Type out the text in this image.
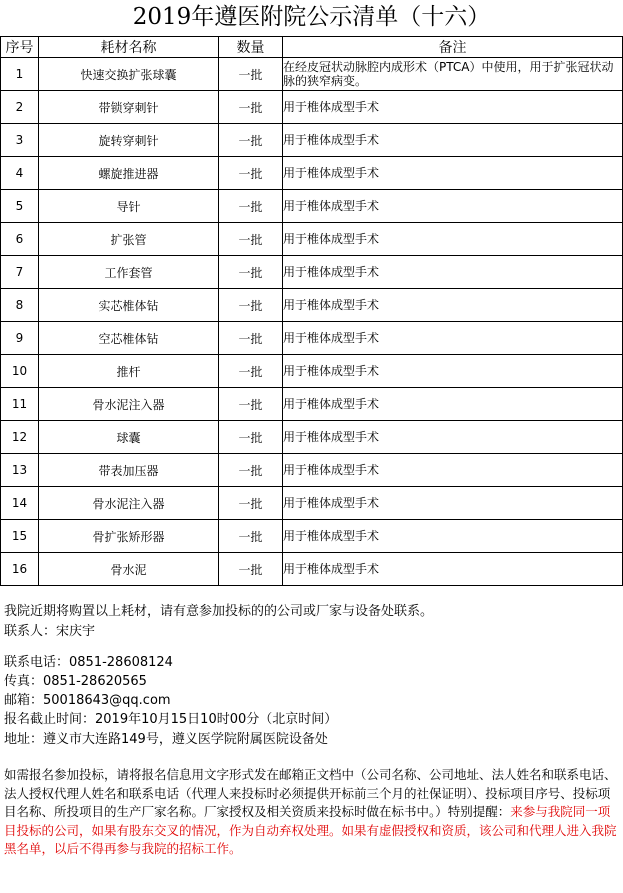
2019年遵医附院公示清单（十六）
序号	耗材名称	数量	备注
1	快速交换扩张球囊	一批	在经皮冠状动脉腔内成形术（PTCA）中使用，用于扩张冠状动脉的狭窄病变。
2	带锁穿刺针	一批	用于椎体成型手术
3	旋转穿刺针	一批	用于椎体成型手术
4	螺旋推进器	一批	用于椎体成型手术
5	导针	一批	用于椎体成型手术
6	扩张管	一批	用于椎体成型手术
7	工作套管	一批	用于椎体成型手术
8	实芯椎体钻	一批	用于椎体成型手术
9	空芯椎体钻	一批	用于椎体成型手术
10	推杆	一批	用于椎体成型手术
11	骨水泥注入器	一批	用于椎体成型手术
12	球囊	一批	用于椎体成型手术
13	带表加压器	一批	用于椎体成型手术
14	骨水泥注入器	一批	用于椎体成型手术
15	骨扩张矫形器	一批	用于椎体成型手术
16	骨水泥	一批	用于椎体成型手术
我院近期将购置以上耗材，请有意参加投标的的公司或厂家与设备处联系。
联系人：宋庆宇
联系电话：0851-28608124
传真：0851-28620565
邮箱：50018643@qq.com
报名截止时间：2019年10月15日10时00分（北京时间）
地址：遵义市大连路149号，遵义医学院附属医院设备处
如需报名参加投标，请将报名信息用文字形式发在邮箱正文档中（公司名称、公司地址、法人姓名和联系电话、法人授权代理人姓名和联系电话（代理人来投标时必须提供开标前三个月的社保证明）、投标项目序号、投标项目名称、所投项目的生产厂家名称。厂家授权及相关资质来投标时做在标书中。）特别提醒：来参与我院同一项目投标的公司，如果有股东交叉的情况，作为自动弃权处理。如果有虚假授权和资质，该公司和代理人进入我院黑名单，以后不得再参与我院的招标工作。
